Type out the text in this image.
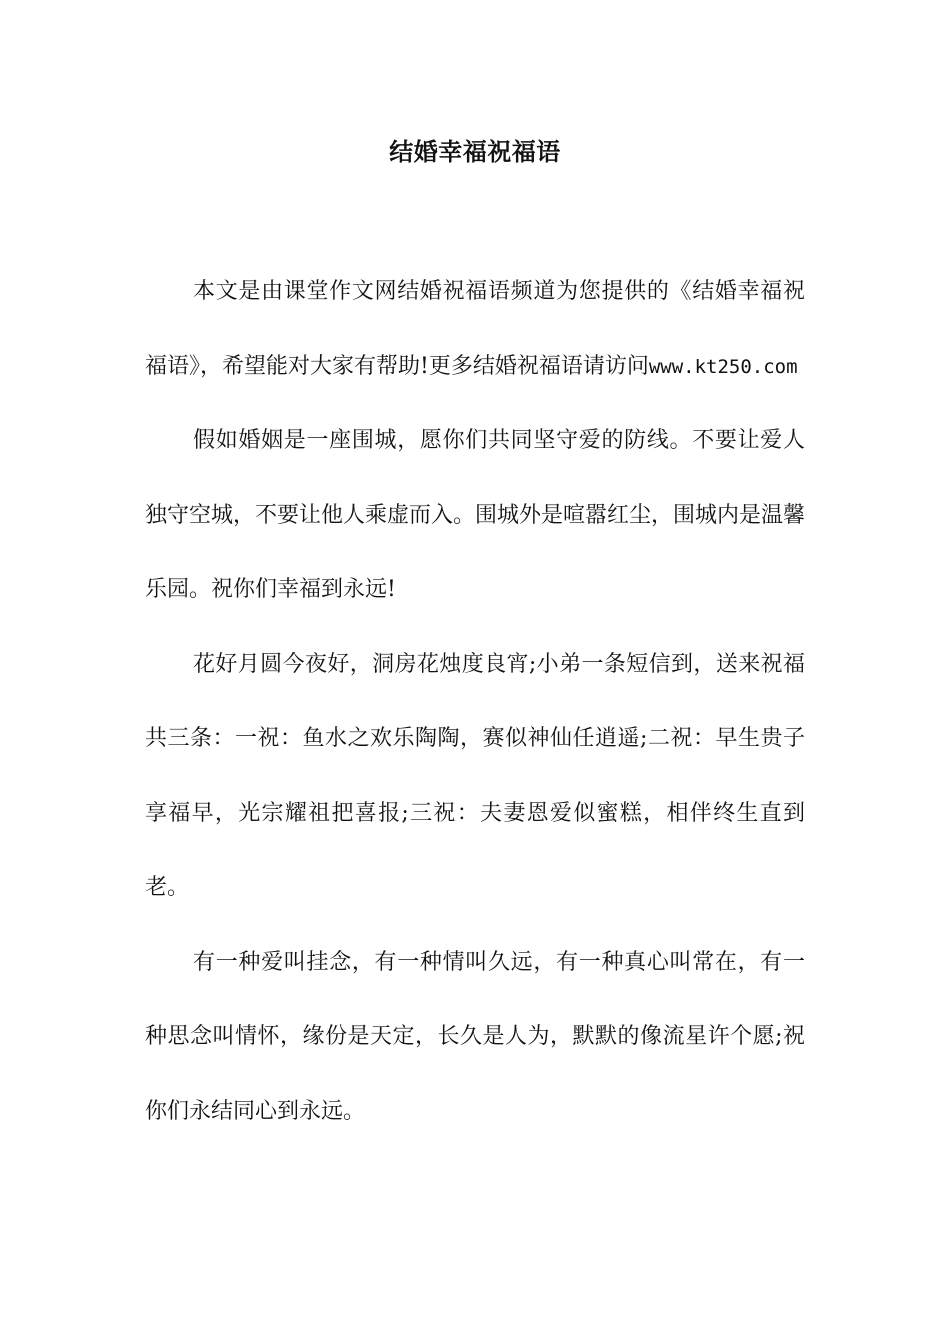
结婚幸福祝福语

本文是由课堂作文网结婚祝福语频道为您提供的《结婚幸福祝福语》，希望能对大家有帮助!更多结婚祝福语请访问www.kt250.com

假如婚姻是一座围城，愿你们共同坚守爱的防线。不要让爱人独守空城，不要让他人乘虚而入。围城外是喧嚣红尘，围城内是温馨乐园。祝你们幸福到永远!

花好月圆今夜好，洞房花烛度良宵;小弟一条短信到，送来祝福共三条：一祝：鱼水之欢乐陶陶，赛似神仙任逍遥;二祝：早生贵子享福早，光宗耀祖把喜报;三祝：夫妻恩爱似蜜糕，相伴终生直到老。

有一种爱叫挂念，有一种情叫久远，有一种真心叫常在，有一种思念叫情怀，缘份是天定，长久是人为，默默的像流星许个愿;祝你们永结同心到永远。
